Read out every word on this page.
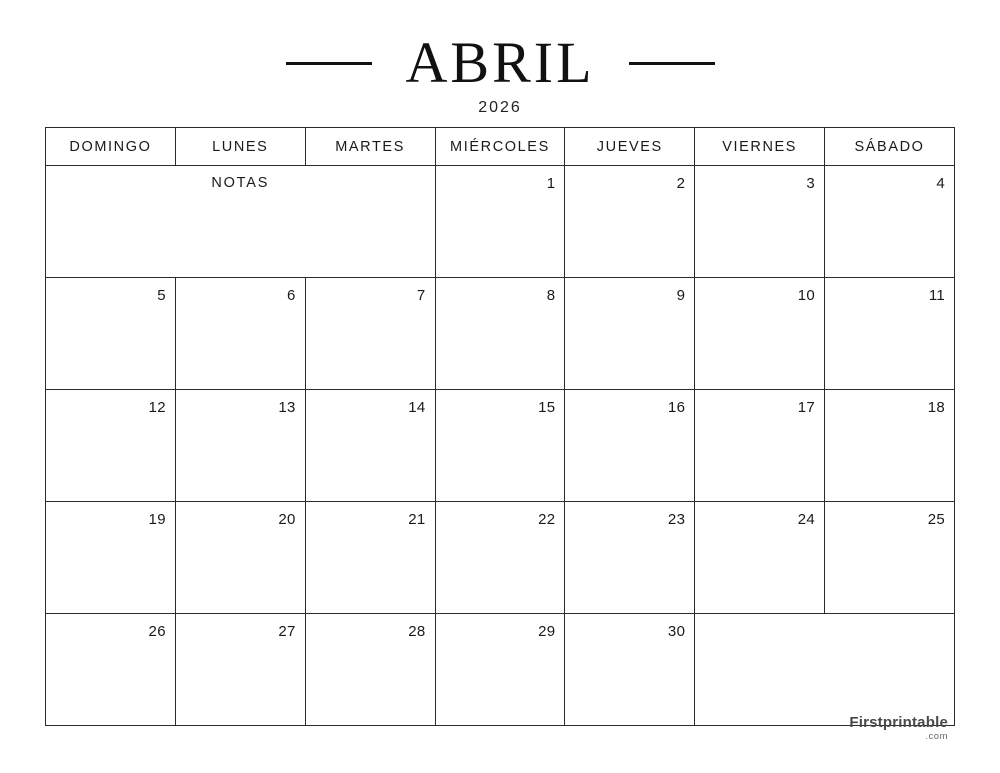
ABRIL
2026
DOMINGO	LUNES	MARTES	MIÉRCOLES	JUEVES	VIERNES	SÁBADO

NOTAS			1	2	3	4

5	6	7	8	9	10	11

12	13	14	15	16	17	18

19	20	21	22	23	24	25

26	27	28	29	30		

Firstprintable
.com
